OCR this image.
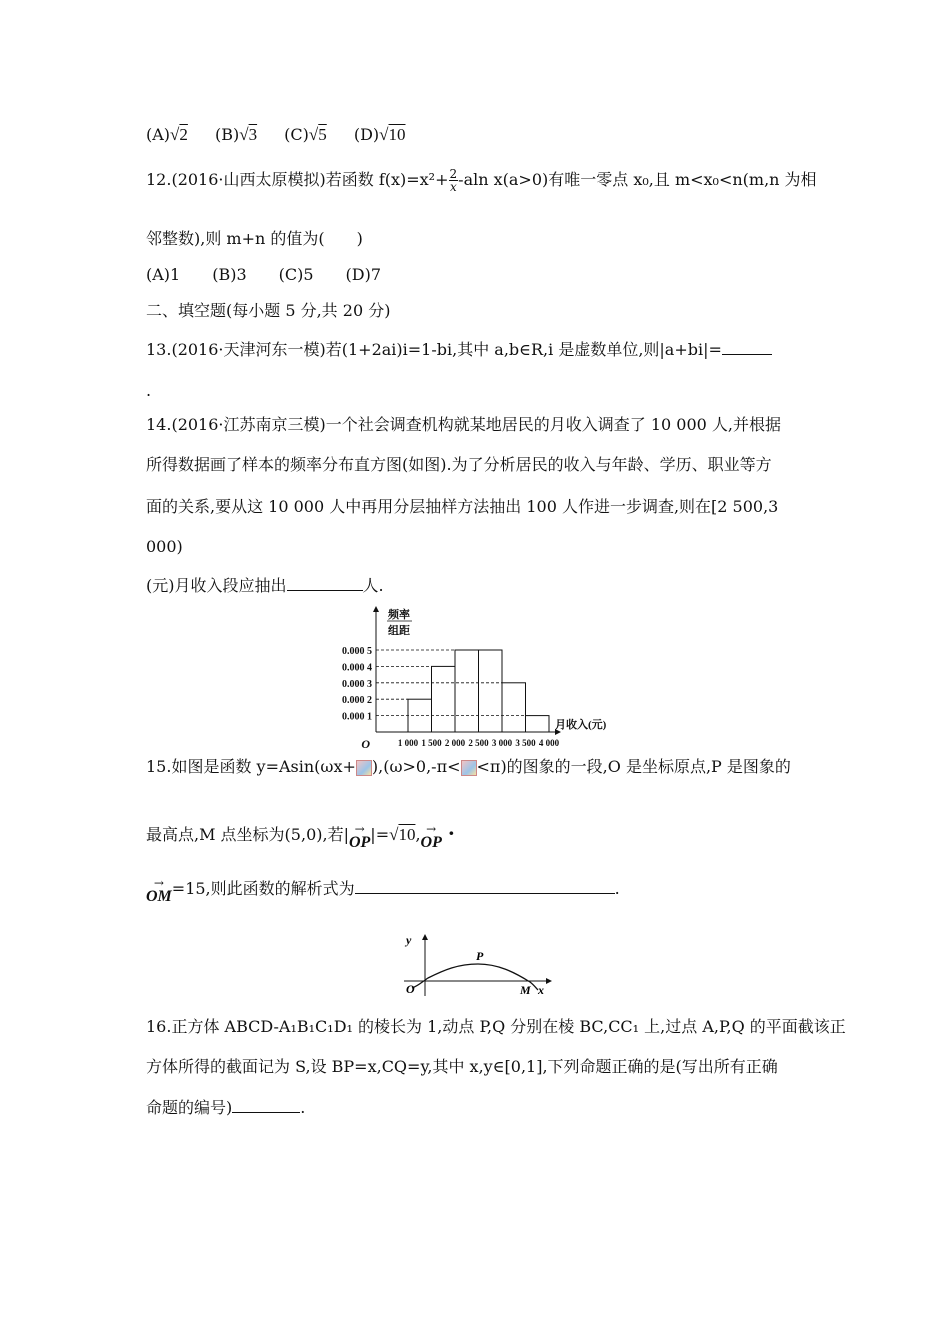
(A)√2 (B)√3 (C)√5 (D)√10
12.(2016·山西太原模拟)若函数 $f(x)=x^2+ \frac{2}{x} -aln$ x(a>0)有唯一零点 x₀,且 m<x₀<n(m,n 为相
邻整数),则 m+n 的值为(　　)
(A)1　　(B)3　　(C)5　　(D)7
二、填空题(每小题 5 分,共 20 分)
13.(2016·天津河东一模)若(1+2ai)i=1-bi,其中 a,b∈R,i 是虚数单位,则|a+bi|=
.
14.(2016·江苏南京三模)一个社会调查机构就某地居民的月收入调查了 10 000 人,并根据
所得数据画了样本的频率分布直方图(如图).为了分析居民的收入与年龄、学历、职业等方
面的关系,要从这 10 000 人中再用分层抽样方法抽出 100 人作进一步调查,则在[2 500,3
000)
(元)月收入段应抽出	人.
0.000 5
0.000 4
0.000 3
0.000 2
0.000 1
1 000 1 500 2 000 2 500 3 000 3 500 4 000
频率
组距
月收入(元)
O
15.如图是函数 y=Asin(ωx+ ),(ω>0,-π< <π)的图象的一段,O 是坐标原点,P 是图象的
最高点,M 点坐标为(5,0),若| →
OP |=√10, →
OP ·
→
OM =15,则此函数的解析式为	.
y
x
O
P
M
16.正方体 ABCD-A₁B₁C₁D₁ 的棱长为 1,动点 P,Q 分别在棱 BC,CC₁ 上,过点 A,P,Q 的平面截该正
方体所得的截面记为 S,设 BP=x,CQ=y,其中 x,y∈[0,1],下列命题正确的是(写出所有正确
命题的编号)	.
